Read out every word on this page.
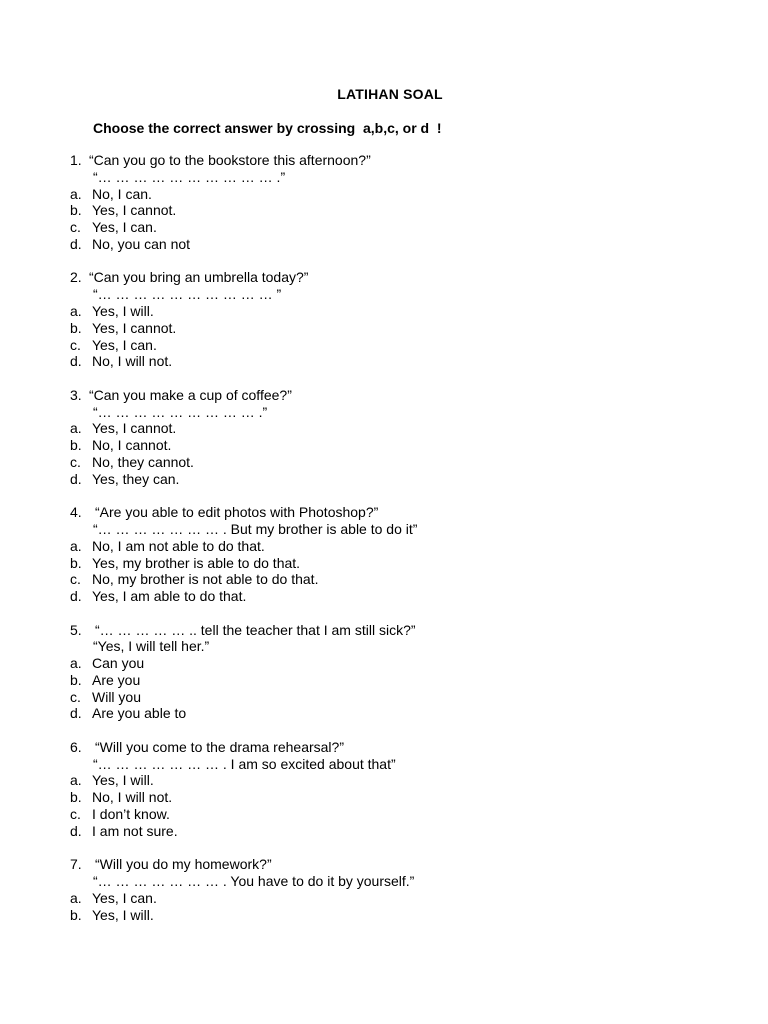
LATIHAN SOAL
Choose the correct answer by crossing  a,b,c, or d  !
1. “Can you go to the bookstore this afternoon?”
“… … … … … … … … … … .”
a. No, I can.
b. Yes, I cannot.
c. Yes, I can.
d. No, you can not
2. “Can you bring an umbrella today?”
“… … … … … … … … … … ”
a. Yes, I will.
b. Yes, I cannot.
c. Yes, I can.
d. No, I will not.
3. “Can you make a cup of coffee?”
“… … … … … … … … … .”
a. Yes, I cannot.
b. No, I cannot.
c. No, they cannot.
d. Yes, they can.
4. “Are you able to edit photos with Photoshop?”
“… … … … … … … . But my brother is able to do it”
a. No, I am not able to do that.
b. Yes, my brother is able to do that.
c. No, my brother is not able to do that.
d. Yes, I am able to do that.
5. “… … … … … .. tell the teacher that I am still sick?”
“Yes, I will tell her.”
a. Can you
b. Are you
c. Will you
d. Are you able to
6. “Will you come to the drama rehearsal?”
“… … … … … … … . I am so excited about that”
a. Yes, I will.
b. No, I will not.
c. I don’t know.
d. I am not sure.
7. “Will you do my homework?”
“… … … … … … … . You have to do it by yourself.”
a. Yes, I can.
b. Yes, I will.
